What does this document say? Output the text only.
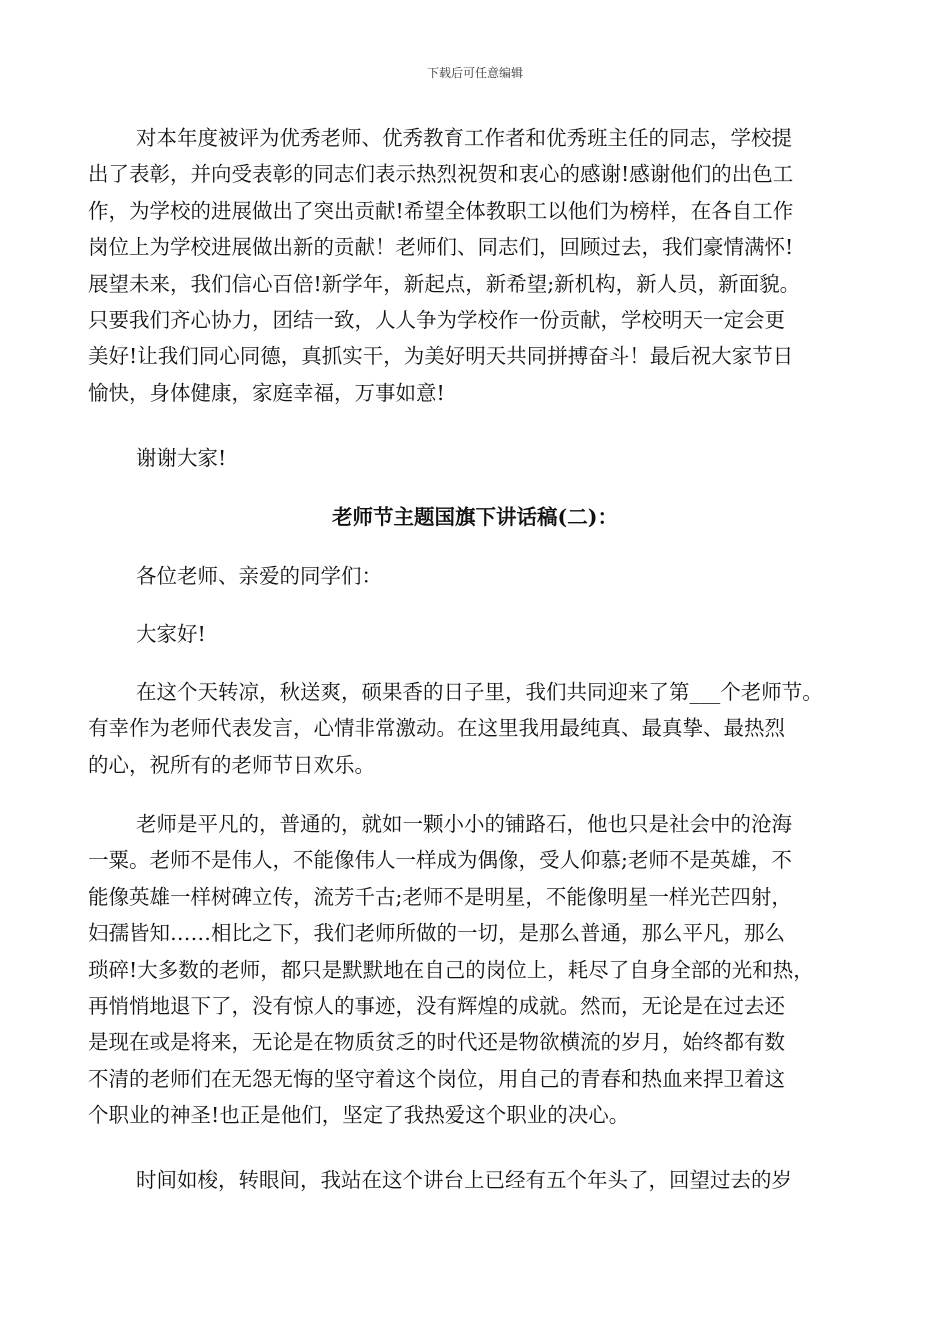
下载后可任意编辑
对本年度被评为优秀老师、优秀教育工作者和优秀班主任的同志，学校提
出了表彰，并向受表彰的同志们表示热烈祝贺和衷心的感谢!感谢他们的出色工
作，为学校的进展做出了突出贡献!希望全体教职工以他们为榜样，在各自工作
岗位上为学校进展做出新的贡献！老师们、同志们，回顾过去，我们豪情满怀!
展望未来，我们信心百倍!新学年，新起点，新希望;新机构，新人员，新面貌。
只要我们齐心协力，团结一致，人人争为学校作一份贡献，学校明天一定会更
美好!让我们同心同德，真抓实干，为美好明天共同拼搏奋斗！最后祝大家节日
愉快，身体健康，家庭幸福，万事如意!
谢谢大家!
老师节主题国旗下讲话稿(二)：
各位老师、亲爱的同学们：
大家好!
在这个天转凉，秋送爽，硕果香的日子里，我们共同迎来了第___个老师节。
有幸作为老师代表发言，心情非常激动。在这里我用最纯真、最真挚、最热烈
的心，祝所有的老师节日欢乐。
老师是平凡的，普通的，就如一颗小小的铺路石，他也只是社会中的沧海
一粟。老师不是伟人，不能像伟人一样成为偶像，受人仰慕;老师不是英雄，不
能像英雄一样树碑立传，流芳千古;老师不是明星，不能像明星一样光芒四射，
妇孺皆知……相比之下，我们老师所做的一切，是那么普通，那么平凡，那么
琐碎!大多数的老师，都只是默默地在自己的岗位上，耗尽了自身全部的光和热，
再悄悄地退下了，没有惊人的事迹，没有辉煌的成就。然而，无论是在过去还
是现在或是将来，无论是在物质贫乏的时代还是物欲横流的岁月，始终都有数
不清的老师们在无怨无悔的坚守着这个岗位，用自己的青春和热血来捍卫着这
个职业的神圣!也正是他们，坚定了我热爱这个职业的决心。
时间如梭，转眼间，我站在这个讲台上已经有五个年头了，回望过去的岁
